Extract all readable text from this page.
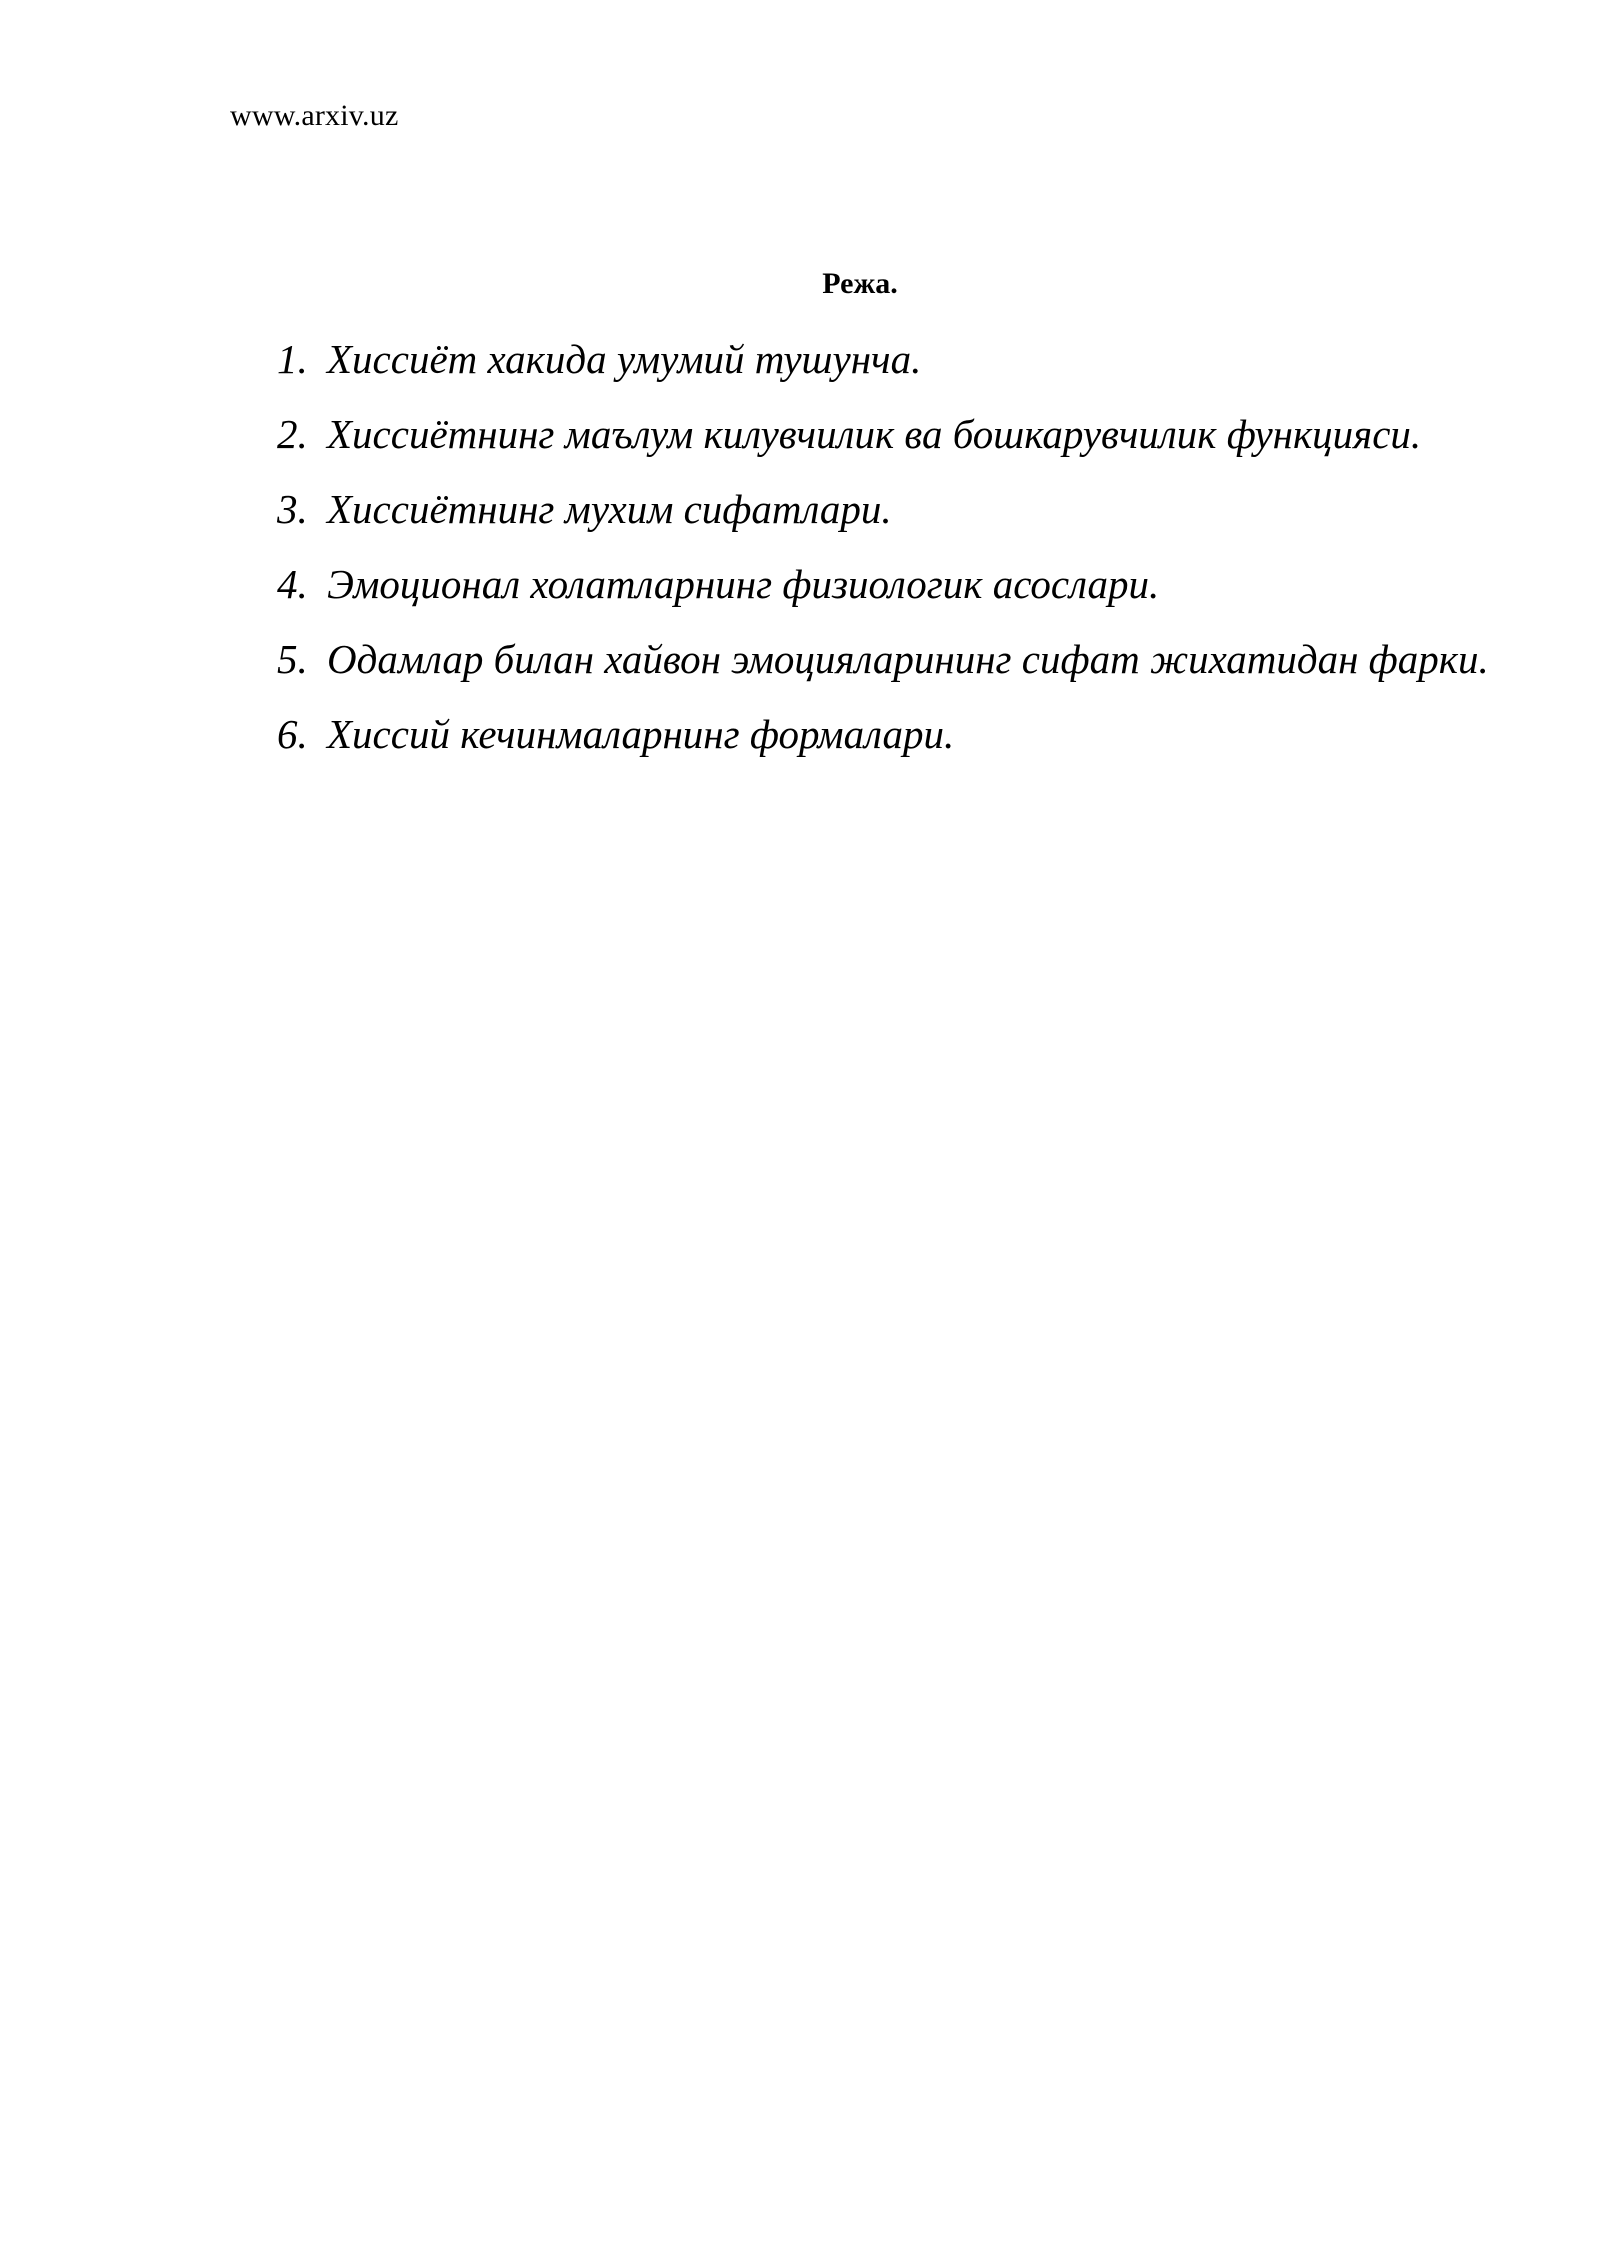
www.arxiv.uz
Режа.
1. Хиссиёт хакида умумий тушунча.
2. Хиссиётнинг маълум килувчилик ва бошкарувчилик функцияси.
3. Хиссиётнинг мухим сифатлари.
4. Эмоционал холатларнинг физиологик асослари.
5. Одамлар билан хайвон эмоцияларининг сифат жихатидан фарки.
6. Хиссий кечинмаларнинг формалари.
